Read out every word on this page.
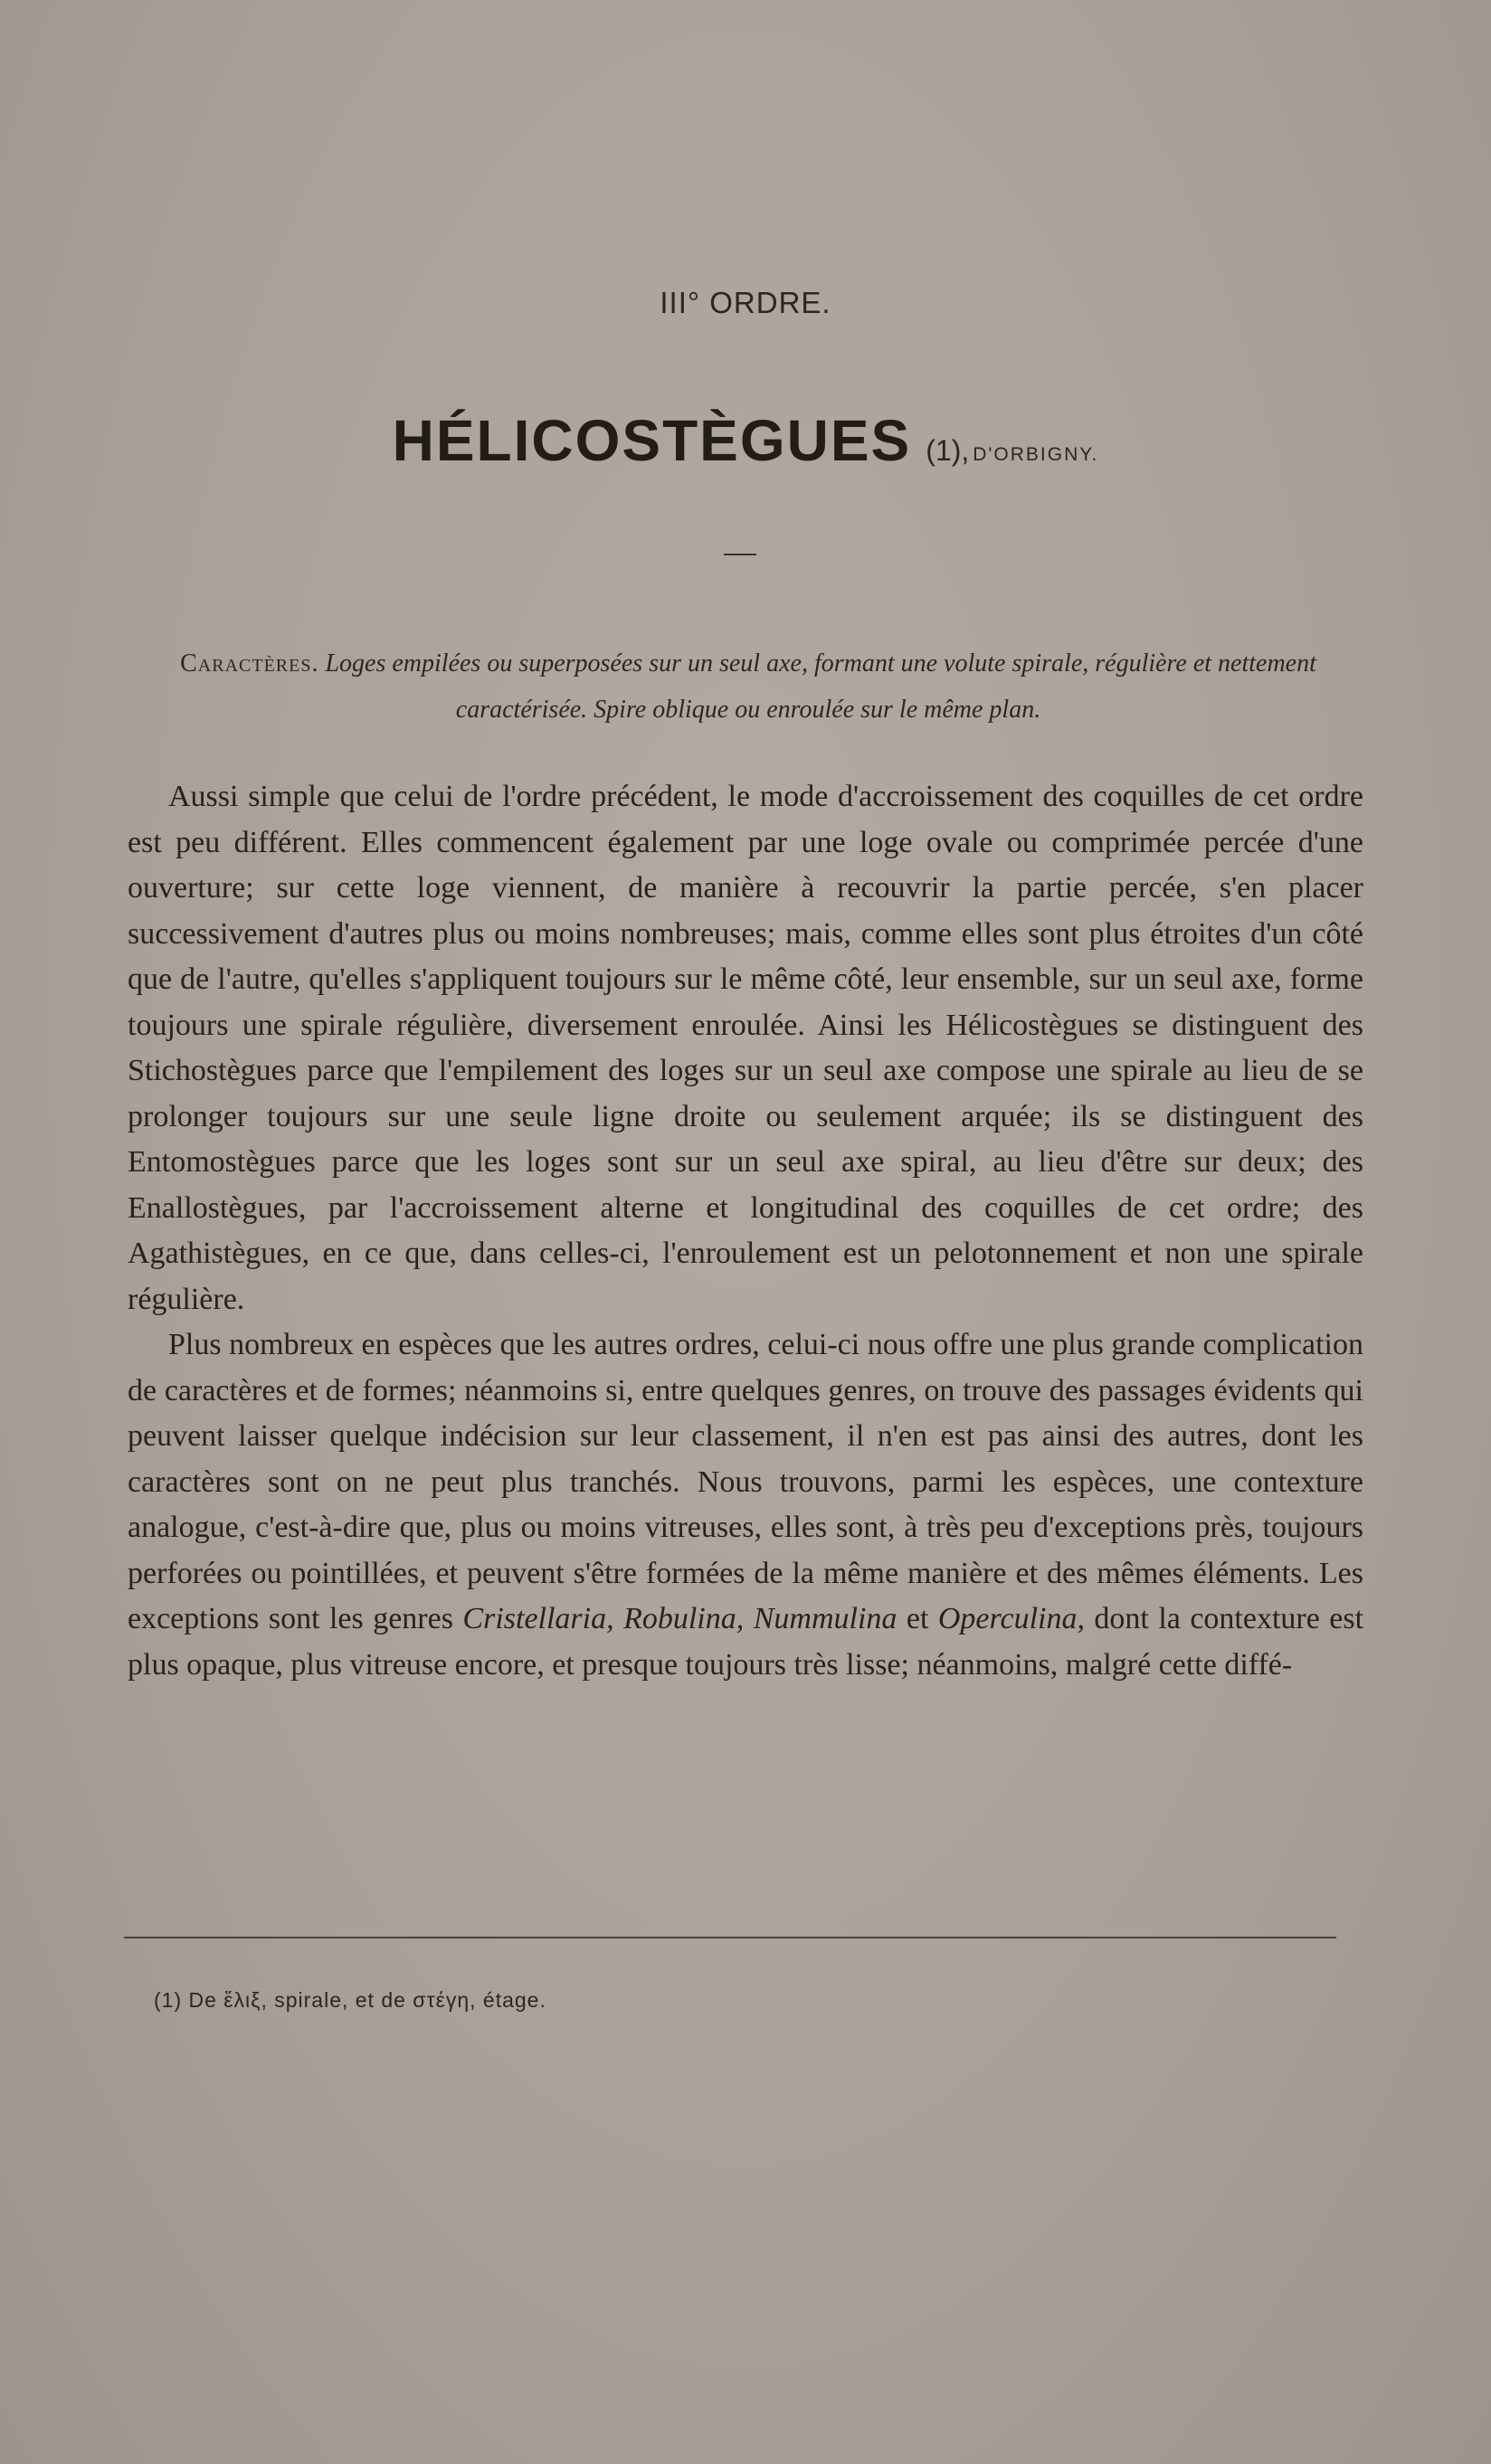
III° ORDRE.
HÉLICOSTÈGUES (1), D'ORBIGNY.
Caractères. Loges empilées ou superposées sur un seul axe, formant une volute spirale, régulière et nettement caractérisée. Spire oblique ou enroulée sur le même plan.

Aussi simple que celui de l'ordre précédent, le mode d'accroissement des coquilles de cet ordre est peu différent. Elles commencent également par une loge ovale ou comprimée percée d'une ouverture; sur cette loge viennent, de manière à recouvrir la partie percée, s'en placer successivement d'autres plus ou moins nombreuses; mais, comme elles sont plus étroites d'un côté que de l'autre, qu'elles s'appliquent toujours sur le même côté, leur ensemble, sur un seul axe, forme toujours une spirale régulière, diversement enroulée. Ainsi les Hélicostègues se distinguent des Stichostègues parce que l'empilement des loges sur un seul axe compose une spirale au lieu de se prolonger toujours sur une seule ligne droite ou seulement arquée; ils se distinguent des Entomostègues parce que les loges sont sur un seul axe spiral, au lieu d'être sur deux; des Enallostègues, par l'accroissement alterne et longitudinal des coquilles de cet ordre; des Agathistègues, en ce que, dans celles-ci, l'enroulement est un pelotonnement et non une spirale régulière.

Plus nombreux en espèces que les autres ordres, celui-ci nous offre une plus grande complication de caractères et de formes; néanmoins si, entre quelques genres, on trouve des passages évidents qui peuvent laisser quelque indécision sur leur classement, il n'en est pas ainsi des autres, dont les caractères sont on ne peut plus tranchés. Nous trouvons, parmi les espèces, une contexture analogue, c'est-à-dire que, plus ou moins vitreuses, elles sont, à très peu d'exceptions près, toujours perforées ou pointillées, et peuvent s'être formées de la même manière et des mêmes éléments. Les exceptions sont les genres Cristellaria, Robulina, Nummulina et Operculina, dont la contexture est plus opaque, plus vitreuse encore, et presque toujours très lisse; néanmoins, malgré cette diffé-

(1) De ἕλιξ, spirale, et de στέγη, étage.
